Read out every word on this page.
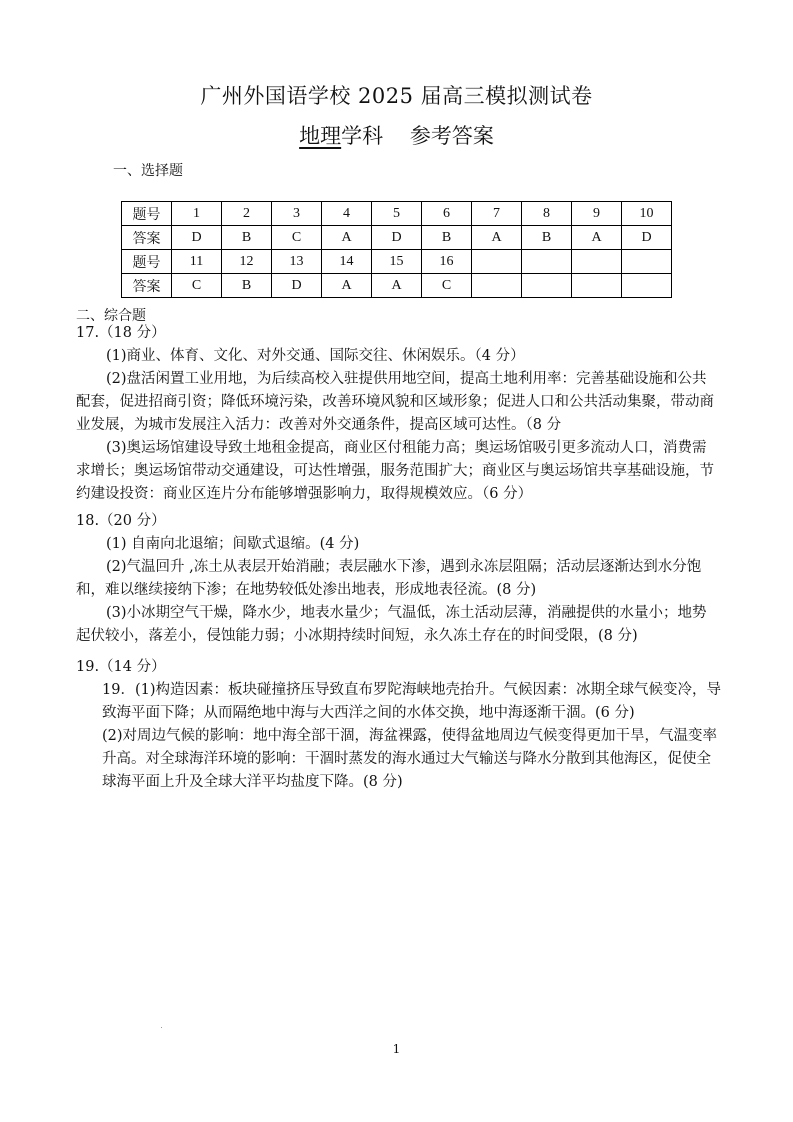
广州外国语学校 2025 届高三模拟测试卷
地理学科 参考答案
一、选择题
题号	1	2	3	4	5	6	7	8	9	10
答案	D	B	C	A	D	B	A	B	A	D
题号	11	12	13	14	15	16				
答案	C	B	D	A	A	C				
二、综合题

17.（18 分）

(1)商业、体育、文化、对外交通、国际交往、休闲娱乐。（4 分）

(2)盘活闲置工业用地，为后续高校入驻提供用地空间，提高土地利用率：完善基础设施和公共配套，促进招商引资；降低环境污染，改善环境风貌和区域形象；促进人口和公共活动集聚，带动商业发展，为城市发展注入活力：改善对外交通条件，提高区域可达性。（8 分

(3)奥运场馆建设导致土地租金提高，商业区付租能力高；奥运场馆吸引更多流动人口，消费需求增长；奥运场馆带动交通建设，可达性增强，服务范围扩大；商业区与奥运场馆共享基础设施，节约建设投资：商业区连片分布能够增强影响力，取得规模效应。（6 分）

18.（20 分）

(1) 自南向北退缩；间歇式退缩。(4 分)

(2)气温回升 ,冻土从表层开始消融；表层融水下渗，遇到永冻层阻隔；活动层逐渐达到水分饱和，难以继续接纳下渗；在地势较低处渗出地表，形成地表径流。(8 分)

(3)小冰期空气干燥，降水少，地表水量少；气温低，冻土活动层薄，消融提供的水量小；地势起伏较小，落差小，侵蚀能力弱；小冰期持续时间短，永久冻土存在的时间受限，(8 分)

19.（14 分）

19．(1)构造因素：板块碰撞挤压导致直布罗陀海峡地壳抬升。气候因素：冰期全球气候变冷，导致海平面下降；从而隔绝地中海与大西洋之间的水体交换，地中海逐渐干涸。(6 分)

(2)对周边气候的影响：地中海全部干涸，海盆裸露，使得盆地周边气候变得更加干旱，气温变率升高。对全球海洋环境的影响：干涸时蒸发的海水通过大气输送与降水分散到其他海区，促使全球海平面上升及全球大洋平均盐度下降。(8 分)

1
